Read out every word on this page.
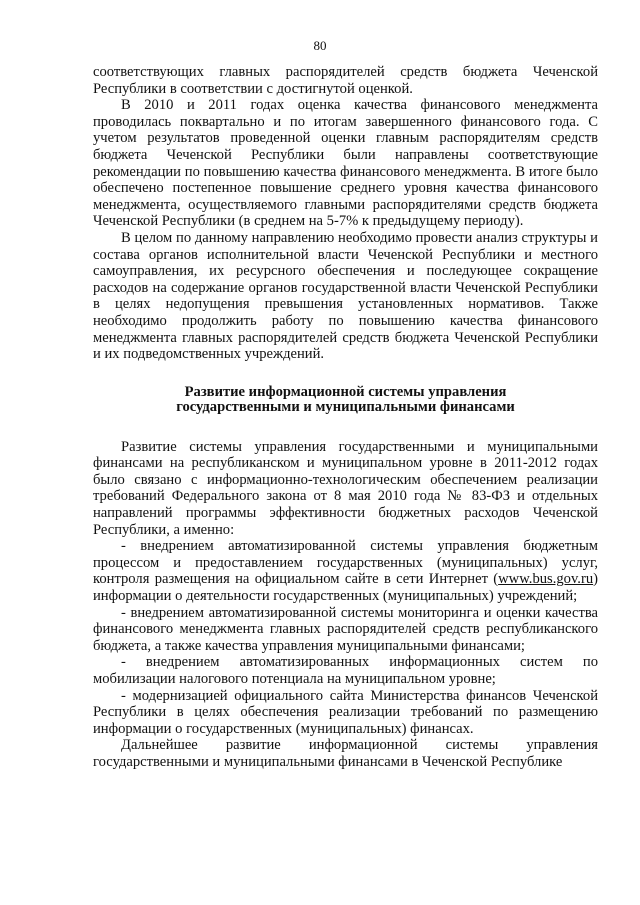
80

соответствующих главных распорядителей средств бюджета Чеченской Республики в соответствии с достигнутой оценкой.

В 2010 и 2011 годах оценка качества финансового менеджмента проводилась поквартально и по итогам завершенного финансового года. С учетом результатов проведенной оценки главным распорядителям средств бюджета Чеченской Республики были направлены соответствующие рекомендации по повышению качества финансового менеджмента. В итоге было обеспечено постепенное повышение среднего уровня качества финансового менеджмента, осуществляемого главными распорядителями средств бюджета Чеченской Республики (в среднем на 5-7% к предыдущему периоду).

В целом по данному направлению необходимо провести анализ структуры и состава органов исполнительной власти Чеченской Республики и местного самоуправления, их ресурсного обеспечения и последующее сокращение расходов на содержание органов государственной власти Чеченской Республики в целях недопущения превышения установленных нормативов. Также необходимо продолжить работу по повышению качества финансового менеджмента главных распорядителей средств бюджета Чеченской Республики и их подведомственных учреждений.

Развитие информационной системы управления
государственными и муниципальными финансами

Развитие системы управления государственными и муниципальными финансами на республиканском и муниципальном уровне в 2011-2012 годах было связано с информационно-технологическим обеспечением реализации требований Федерального закона от 8 мая 2010 года № 83-ФЗ и отдельных направлений программы эффективности бюджетных расходов Чеченской Республики, а именно:

- внедрением автоматизированной системы управления бюджетным процессом и предоставлением государственных (муниципальных) услуг, контроля размещения на официальном сайте в сети Интернет (www.bus.gov.ru) информации о деятельности государственных (муниципальных) учреждений;

- внедрением автоматизированной системы мониторинга и оценки качества финансового менеджмента главных распорядителей средств республиканского бюджета, а также качества управления муниципальными финансами;

- внедрением автоматизированных информационных систем по мобилизации налогового потенциала на муниципальном уровне;

- модернизацией официального сайта Министерства финансов Чеченской Республики в целях обеспечения реализации требований по размещению информации о государственных (муниципальных) финансах.

Дальнейшее развитие информационной системы управления государственными и муниципальными финансами в Чеченской Республике
